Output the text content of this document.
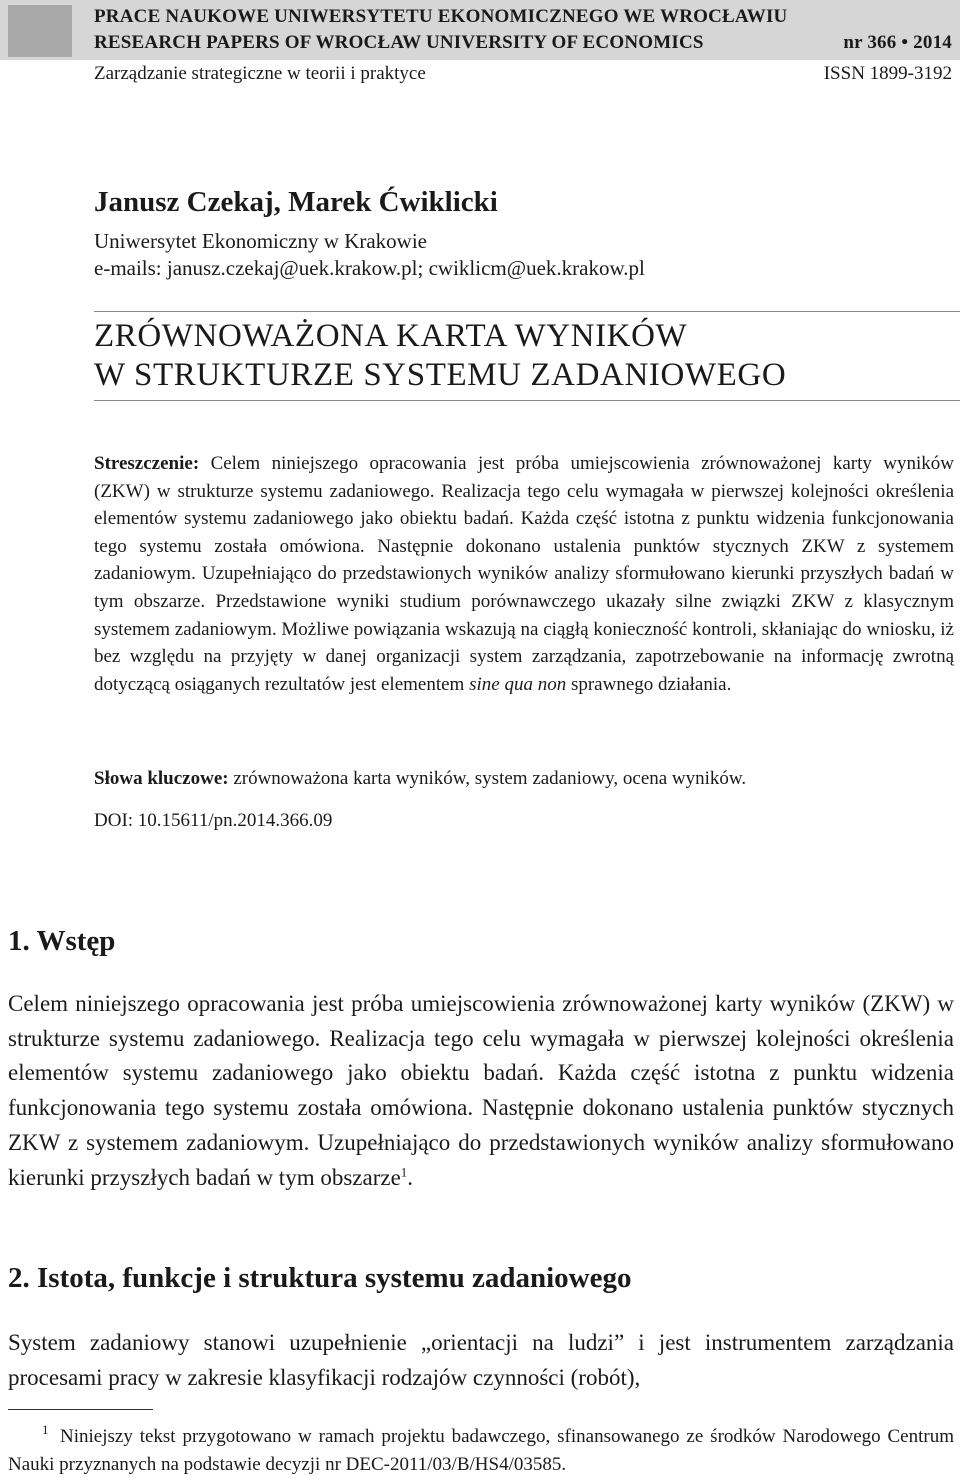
PRACE NAUKOWE UNIWERSYTETU EKONOMICZNEGO WE WROCŁAWIU
RESEARCH PAPERS OF WROCŁAW UNIVERSITY OF ECONOMICS	nr 366 • 2014
Zarządzanie strategiczne w teorii i praktyce	ISSN 1899-3192
Janusz Czekaj, Marek Ćwiklicki
Uniwersytet Ekonomiczny w Krakowie
e-mails: janusz.czekaj@uek.krakow.pl; cwiklicm@uek.krakow.pl
ZRÓWNOWAŻONA KARTA WYNIKÓW
W STRUKTURZE SYSTEMU ZADANIOWEGO
Streszczenie: Celem niniejszego opracowania jest próba umiejscowienia zrównoważonej karty wyników (ZKW) w strukturze systemu zadaniowego. Realizacja tego celu wymagała w pierwszej kolejności określenia elementów systemu zadaniowego jako obiektu badań. Każda część istotna z punktu widzenia funkcjonowania tego systemu została omówiona. Następnie dokonano ustalenia punktów stycznych ZKW z systemem zadaniowym. Uzupełniająco do przedstawionych wyników analizy sformułowano kierunki przyszłych badań w tym obszarze. Przedstawione wyniki studium porównawczego ukazały silne związki ZKW z klasycznym systemem zadaniowym. Możliwe powiązania wskazują na ciągłą konieczność kontroli, skłaniając do wniosku, iż bez względu na przyjęty w danej organizacji system zarządzania, zapotrzebowanie na informację zwrotną dotyczącą osiąganych rezultatów jest elementem sine qua non sprawnego działania.
Słowa kluczowe: zrównoważona karta wyników, system zadaniowy, ocena wyników.
DOI: 10.15611/pn.2014.366.09
1. Wstęp
Celem niniejszego opracowania jest próba umiejscowienia zrównoważonej karty wyników (ZKW) w strukturze systemu zadaniowego. Realizacja tego celu wymagała w pierwszej kolejności określenia elementów systemu zadaniowego jako obiektu badań. Każda część istotna z punktu widzenia funkcjonowania tego systemu została omówiona. Następnie dokonano ustalenia punktów stycznych ZKW z systemem zadaniowym. Uzupełniająco do przedstawionych wyników analizy sformułowano kierunki przyszłych badań w tym obszarze$^1$.
2. Istota, funkcje i struktura systemu zadaniowego
System zadaniowy stanowi uzupełnienie „orientacji na ludzi” i jest instrumentem zarządzania procesami pracy w zakresie klasyfikacji rodzajów czynności (robót),
1 Niniejszy tekst przygotowano w ramach projektu badawczego, sfinansowanego ze środków Narodowego Centrum Nauki przyznanych na podstawie decyzji nr DEC-2011/03/B/HS4/03585.
